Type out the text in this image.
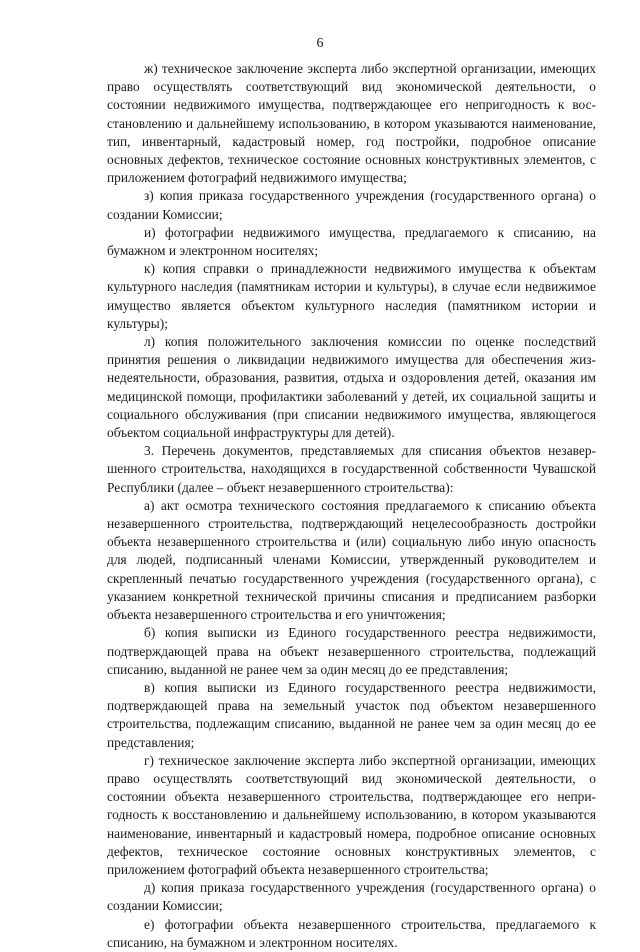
6

ж) техническое заключение эксперта либо экспертной организации, имеющих право осуществлять соответствующий вид экономической деятельности, о состоянии недвижимого имущества, подтверждающее его непригодность к восстановлению и дальнейшему использованию, в котором указываются наименование, тип, инвентарный, кадастровый номер, год постройки, подробное описание основных дефектов, техническое состояние основных конструктивных элементов, с приложением фотографий недвижимого имущества;

з) копия приказа государственного учреждения (государственного органа) о создании Комиссии;

и) фотографии недвижимого имущества, предлагаемого к списанию, на бумажном и электронном носителях;

к) копия справки о принадлежности недвижимого имущества к объектам культурного наследия (памятникам истории и культуры), в случае если недвижимое имущество является объектом культурного наследия (памятником истории и культуры);

л) копия положительного заключения комиссии по оценке последствий принятия решения о ликвидации недвижимого имущества для обеспечения жизнедеятельности, образования, развития, отдыха и оздоровления детей, оказания им медицинской помощи, профилактики заболеваний у детей, их социальной защиты и социального обслуживания (при списании недвижимого имущества, являющегося объектом социальной инфраструктуры для детей).

3. Перечень документов, представляемых для списания объектов незавершенного строительства, находящихся в государственной собственности Чувашской Республики (далее – объект незавершенного строительства):

а) акт осмотра технического состояния предлагаемого к списанию объекта незавершенного строительства, подтверждающий нецелесообразность достройки объекта незавершенного строительства и (или) социальную либо иную опасность для людей, подписанный членами Комиссии, утвержденный руководителем и скрепленный печатью государственного учреждения (государственного органа), с указанием конкретной технической причины списания и предписанием разборки объекта незавершенного строительства и его уничтожения;

б) копия выписки из Единого государственного реестра недвижимости, подтверждающей права на объект незавершенного строительства, подлежащий списанию, выданной не ранее чем за один месяц до ее представления;

в) копия выписки из Единого государственного реестра недвижимости, подтверждающей права на земельный участок под объектом незавершенного строительства, подлежащим списанию, выданной не ранее чем за один месяц до ее представления;

г) техническое заключение эксперта либо экспертной организации, имеющих право осуществлять соответствующий вид экономической деятельности, о состоянии объекта незавершенного строительства, подтверждающее его непригодность к восстановлению и дальнейшему использованию, в котором указываются наименование, инвентарный и кадастровый номера, подробное описание основных дефектов, техническое состояние основных конструктивных элементов, с приложением фотографий объекта незавершенного строительства;

д) копия приказа государственного учреждения (государственного органа) о создании Комиссии;

е) фотографии объекта незавершенного строительства, предлагаемого к списанию, на бумажном и электронном носителях.
